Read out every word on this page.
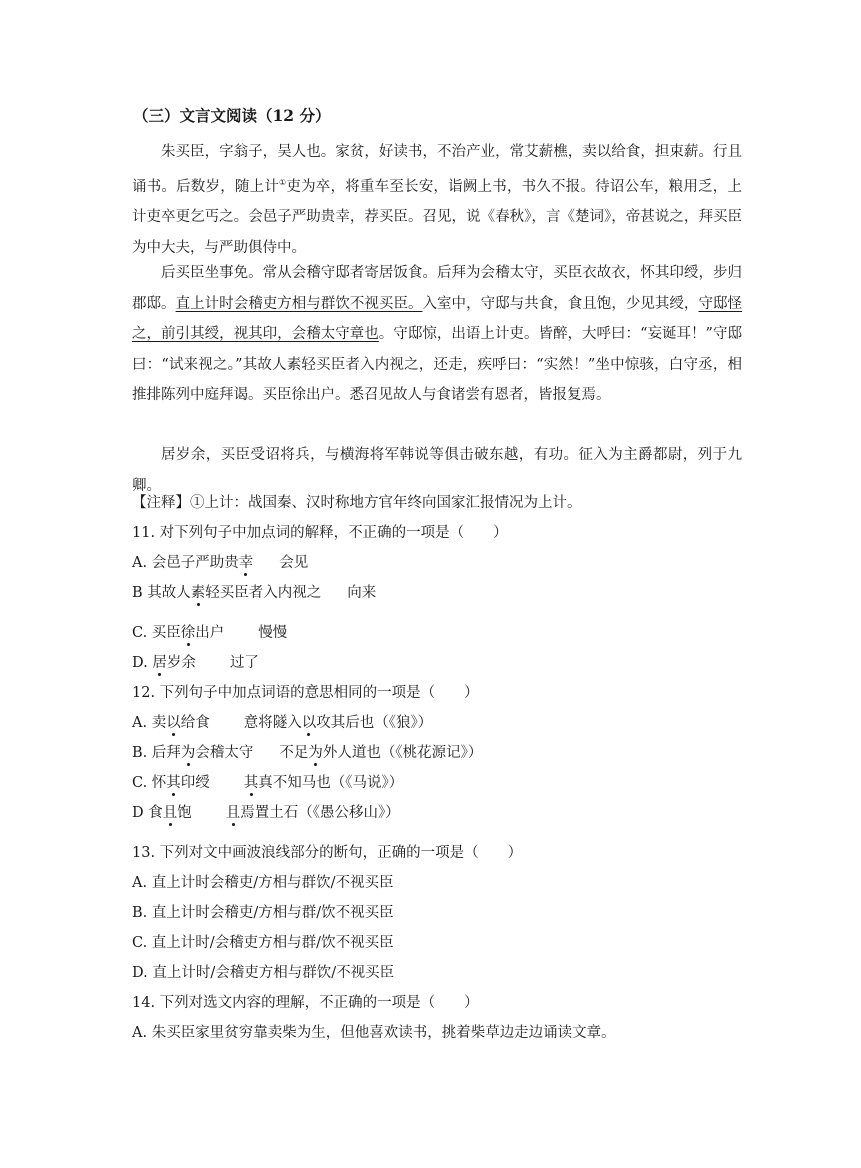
（三）文言文阅读（12 分）

朱买臣，字翁子，吴人也。家贫，好读书，不治产业，常艾薪樵，卖以给食，担束薪。行且诵书。后数岁，随上计①吏为卒，将重车至长安，诣阙上书，书久不报。待诏公车，粮用乏，上计吏卒更乞丐之。会邑子严助贵幸，荐买臣。召见，说《春秋》，言《楚词》，帝甚说之，拜买臣为中大夫，与严助俱侍中。

后买臣坐事免。常从会稽守邸者寄居饭食。后拜为会稽太守，买臣衣故衣，怀其印绶，步归郡邸。直上计时会稽吏方相与群饮不视买臣。入室中，守邸与共食，食且饱，少见其绶，守邸怪之，前引其绶，视其印，会稽太守章也。守邸惊，出语上计吏。皆醉，大呼曰：“妄诞耳！”守邸曰：“试来视之。”其故人素轻买臣者入内视之，还走，疾呼曰：“实然！”坐中惊骇，白守丞，相推排陈列中庭拜谒。买臣徐出户。悉召见故人与食诸尝有恩者，皆报复焉。

居岁余，买臣受诏将兵，与横海将军韩说等俱击破东越，有功。征入为主爵都尉，列于九卿。

【注释】①上计：战国秦、汉时称地方官年终向国家汇报情况为上计。
11. 对下列句子中加点词的解释，不正确的一项是（　　）
A. 会邑子严助贵幸 会见
B 其故人素轻买臣者入内视之 向来
C. 买臣徐出户 慢慢
D. 居岁余 过了
12. 下列句子中加点词语的意思相同的一项是（　　）
A. 卖以给食 意将隧入以攻其后也（《狼》）
B. 后拜为会稽太守 不足为外人道也（《桃花源记》）
C. 怀其印绶 其真不知马也（《马说》）
D 食且饱 且焉置土石（《愚公移山》）
13. 下列对文中画波浪线部分的断句，正确的一项是（　　）
A. 直上计时会稽吏/方相与群饮/不视买臣
B. 直上计时会稽吏/方相与群/饮不视买臣
C. 直上计时/会稽吏方相与群/饮不视买臣
D. 直上计时/会稽吏方相与群饮/不视买臣
14. 下列对选文内容的理解，不正确的一项是（　　）
A. 朱买臣家里贫穷靠卖柴为生，但他喜欢读书，挑着柴草边走边诵读文章。
